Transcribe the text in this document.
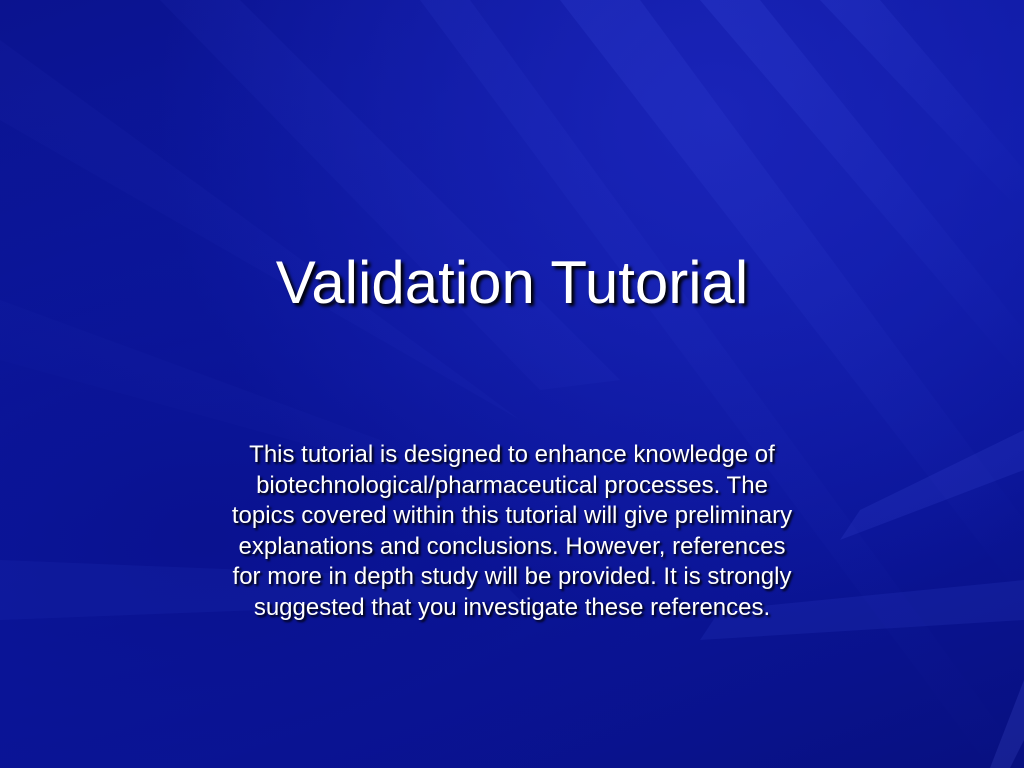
Validation Tutorial
This tutorial is designed to enhance knowledge of
biotechnological/pharmaceutical processes. The
topics covered within this tutorial will give preliminary
explanations and conclusions. However, references
for more in depth study will be provided. It is strongly
suggested that you investigate these references.
